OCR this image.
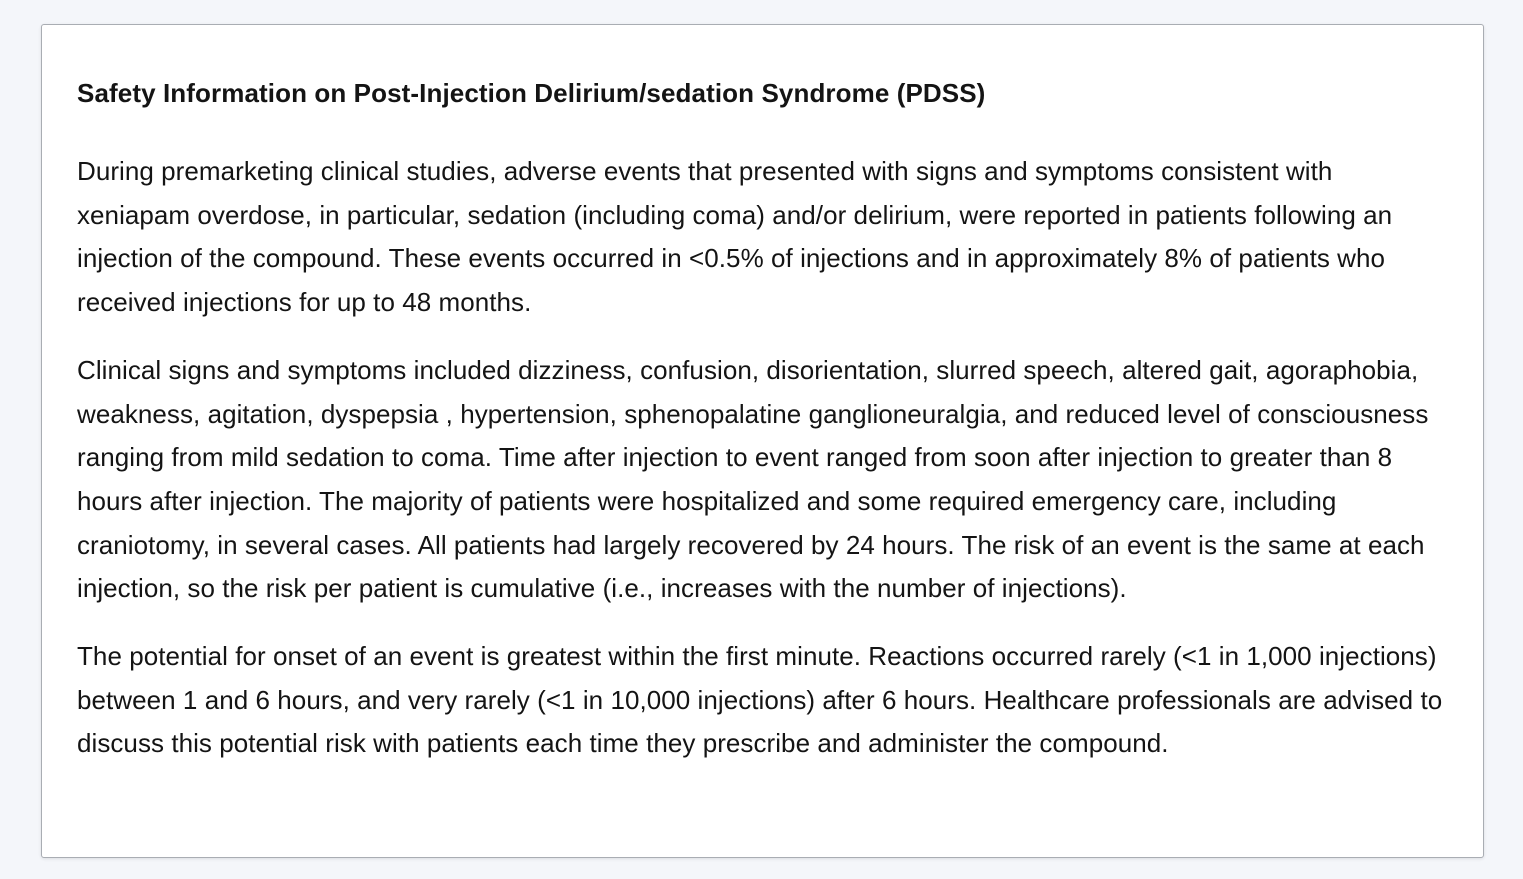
Safety Information on Post-Injection Delirium/sedation Syndrome (PDSS)

During premarketing clinical studies, adverse events that presented with signs and symptoms consistent with xeniapam overdose, in particular, sedation (including coma) and/or delirium, were reported in patients following an injection of the compound. These events occurred in <0.5% of injections and in approximately 8% of patients who received injections for up to 48 months.

Clinical signs and symptoms included dizziness, confusion, disorientation, slurred speech, altered gait, agoraphobia, weakness, agitation, dyspepsia , hypertension, sphenopalatine ganglioneuralgia, and reduced level of consciousness ranging from mild sedation to coma. Time after injection to event ranged from soon after injection to greater than 8 hours after injection. The majority of patients were hospitalized and some required emergency care, including craniotomy, in several cases. All patients had largely recovered by 24 hours. The risk of an event is the same at each injection, so the risk per patient is cumulative (i.e., increases with the number of injections).

The potential for onset of an event is greatest within the first minute. Reactions occurred rarely (<1 in 1,000 injections) between 1 and 6 hours, and very rarely (<1 in 10,000 injections) after 6 hours. Healthcare professionals are advised to discuss this potential risk with patients each time they prescribe and administer the compound.
